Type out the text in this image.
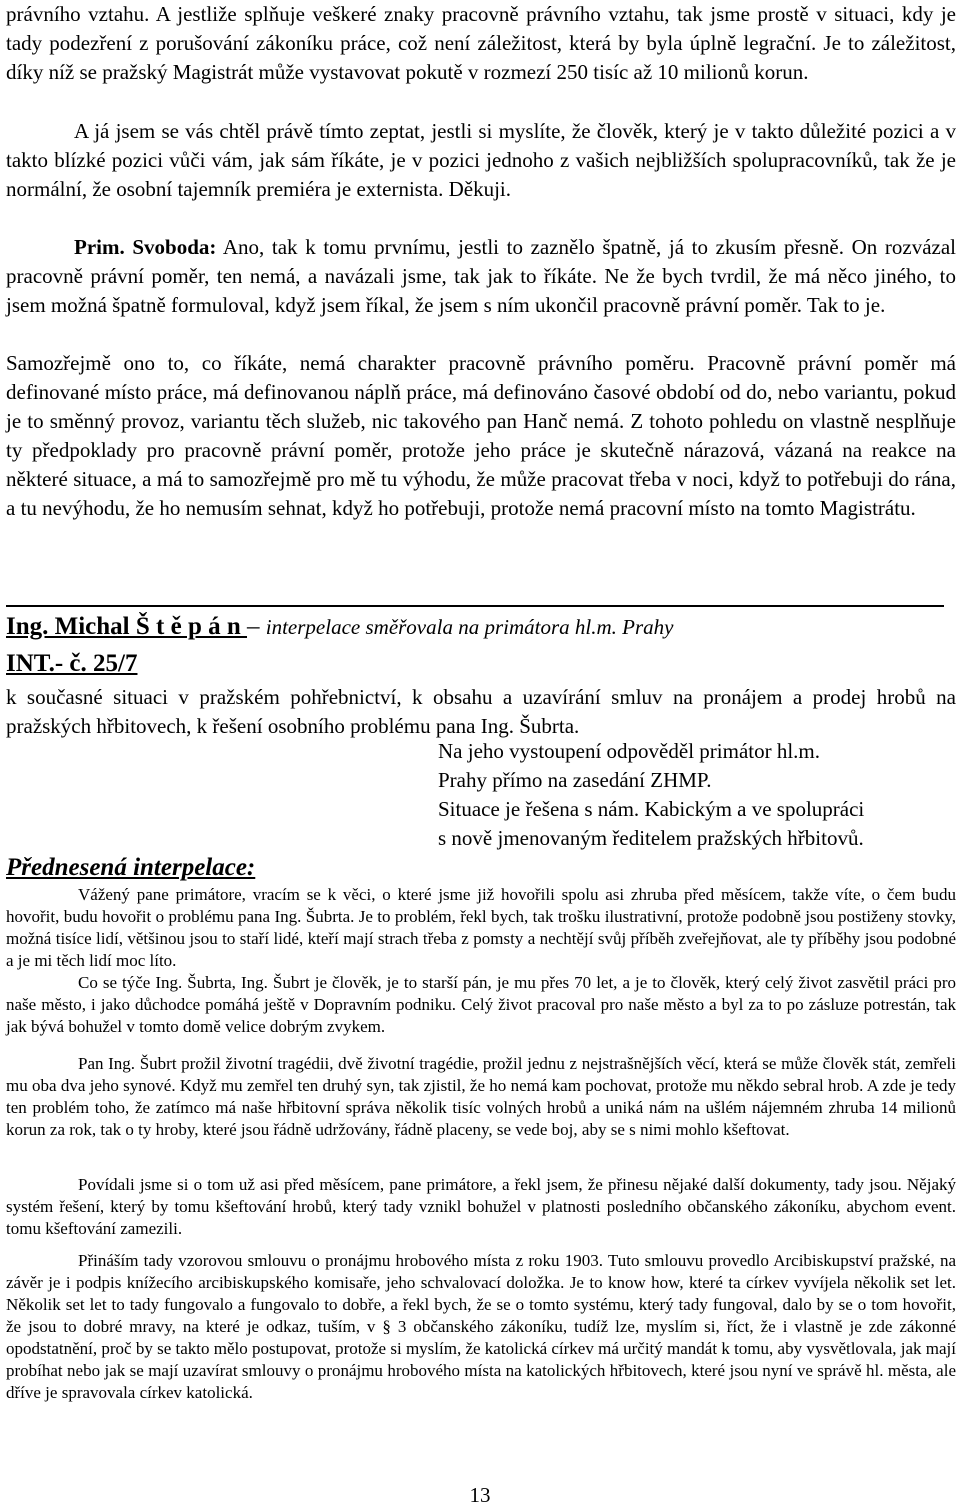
právního vztahu. A jestliže splňuje veškeré znaky pracovně právního vztahu, tak jsme prostě v situaci, kdy je tady podezření z porušování zákoníku práce, což není záležitost, která by byla úplně legrační. Je to záležitost, díky níž se pražský Magistrát může vystavovat pokutě v rozmezí 250 tisíc až 10 milionů korun.

A já jsem se vás chtěl právě tímto zeptat, jestli si myslíte, že člověk, který je v takto důležité pozici a v takto blízké pozici vůči vám, jak sám říkáte, je v pozici jednoho z vašich nejbližších spolupracovníků, tak že je normální, že osobní tajemník premiéra je externista. Děkuji.

Prim. Svoboda: Ano, tak k tomu prvnímu, jestli to zaznělo špatně, já to zkusím přesně. On rozvázal pracovně právní poměr, ten nemá, a navázali jsme, tak jak to říkáte. Ne že bych tvrdil, že má něco jiného, to jsem možná špatně formuloval, když jsem říkal, že jsem s ním ukončil pracovně právní poměr. Tak to je.

Samozřejmě ono to, co říkáte, nemá charakter pracovně právního poměru. Pracovně právní poměr má definované místo práce, má definovanou náplň práce, má definováno časové období od do, nebo variantu, pokud je to směnný provoz, variantu těch služeb, nic takového pan Hanč nemá. Z tohoto pohledu on vlastně nesplňuje ty předpoklady pro pracovně právní poměr, protože jeho práce je skutečně nárazová, vázaná na reakce na některé situace, a má to samozřejmě pro mě tu výhodu, že může pracovat třeba v noci, když to potřebuji do rána, a tu nevýhodu, že ho nemusím sehnat, když ho potřebuji, protože nemá pracovní místo na tomto Magistrátu.

Ing. Michal Š t ě p á n – interpelace směřovala na primátora hl.m. Prahy
INT.- č. 25/7

k současné situaci v pražském pohřebnictví, k obsahu a uzavírání smluv na pronájem a prodej hrobů na pražských hřbitovech, k řešení osobního problému pana Ing. Šubrta.

Na jeho vystoupení odpověděl primátor hl.m.
Prahy přímo na zasedání ZHMP.
Situace je řešena s nám. Kabickým a ve spolupráci
s nově jmenovaným ředitelem pražských hřbitovů.
Přednesená interpelace:

Vážený pane primátore, vracím se k věci, o které jsme již hovořili spolu asi zhruba před měsícem, takže víte, o čem budu hovořit, budu hovořit o problému pana Ing. Šubrta. Je to problém, řekl bych, tak trošku ilustrativní, protože podobně jsou postiženy stovky, možná tisíce lidí, většinou jsou to staří lidé, kteří mají strach třeba z pomsty a nechtějí svůj příběh zveřejňovat, ale ty příběhy jsou podobné a je mi těch lidí moc líto.

Co se týče Ing. Šubrta, Ing. Šubrt je člověk, je to starší pán, je mu přes 70 let, a je to člověk, který celý život zasvětil práci pro naše město, i jako důchodce pomáhá ještě v Dopravním podniku. Celý život pracoval pro naše město a byl za to po zásluze potrestán, tak jak bývá bohužel v tomto domě velice dobrým zvykem.

Pan Ing. Šubrt prožil životní tragédii, dvě životní tragédie, prožil jednu z nejstrašnějších věcí, která se může člověk stát, zemřeli mu oba dva jeho synové. Když mu zemřel ten druhý syn, tak zjistil, že ho nemá kam pochovat, protože mu někdo sebral hrob. A zde je tedy ten problém toho, že zatímco má naše hřbitovní správa několik tisíc volných hrobů a uniká nám na ušlém nájemném zhruba 14 milionů korun za rok, tak o ty hroby, které jsou řádně udržovány, řádně placeny, se vede boj, aby se s nimi mohlo kšeftovat.

Povídali jsme si o tom už asi před měsícem, pane primátore, a řekl jsem, že přinesu nějaké další dokumenty, tady jsou. Nějaký systém řešení, který by tomu kšeftování hrobů, který tady vznikl bohužel v platnosti posledního občanského zákoníku, abychom event. tomu kšeftování zamezili.

Přináším tady vzorovou smlouvu o pronájmu hrobového místa z roku 1903. Tuto smlouvu provedlo Arcibiskupství pražské, na závěr je i podpis knížecího arcibiskupského komisaře, jeho schvalovací doložka. Je to know how, které ta církev vyvíjela několik set let. Několik set let to tady fungovalo a fungovalo to dobře, a řekl bych, že se o tomto systému, který tady fungoval, dalo by se o tom hovořit, že jsou to dobré mravy, na které je odkaz, tuším, v § 3 občanského zákoníku, tudíž lze, myslím si, říct, že i vlastně je zde zákonné opodstatnění, proč by se takto mělo postupovat, protože si myslím, že katolická církev má určitý mandát k tomu, aby vysvětlovala, jak mají probíhat nebo jak se mají uzavírat smlouvy o pronájmu hrobového místa na katolických hřbitovech, které jsou nyní ve správě hl. města, ale dříve je spravovala církev katolická.

13
